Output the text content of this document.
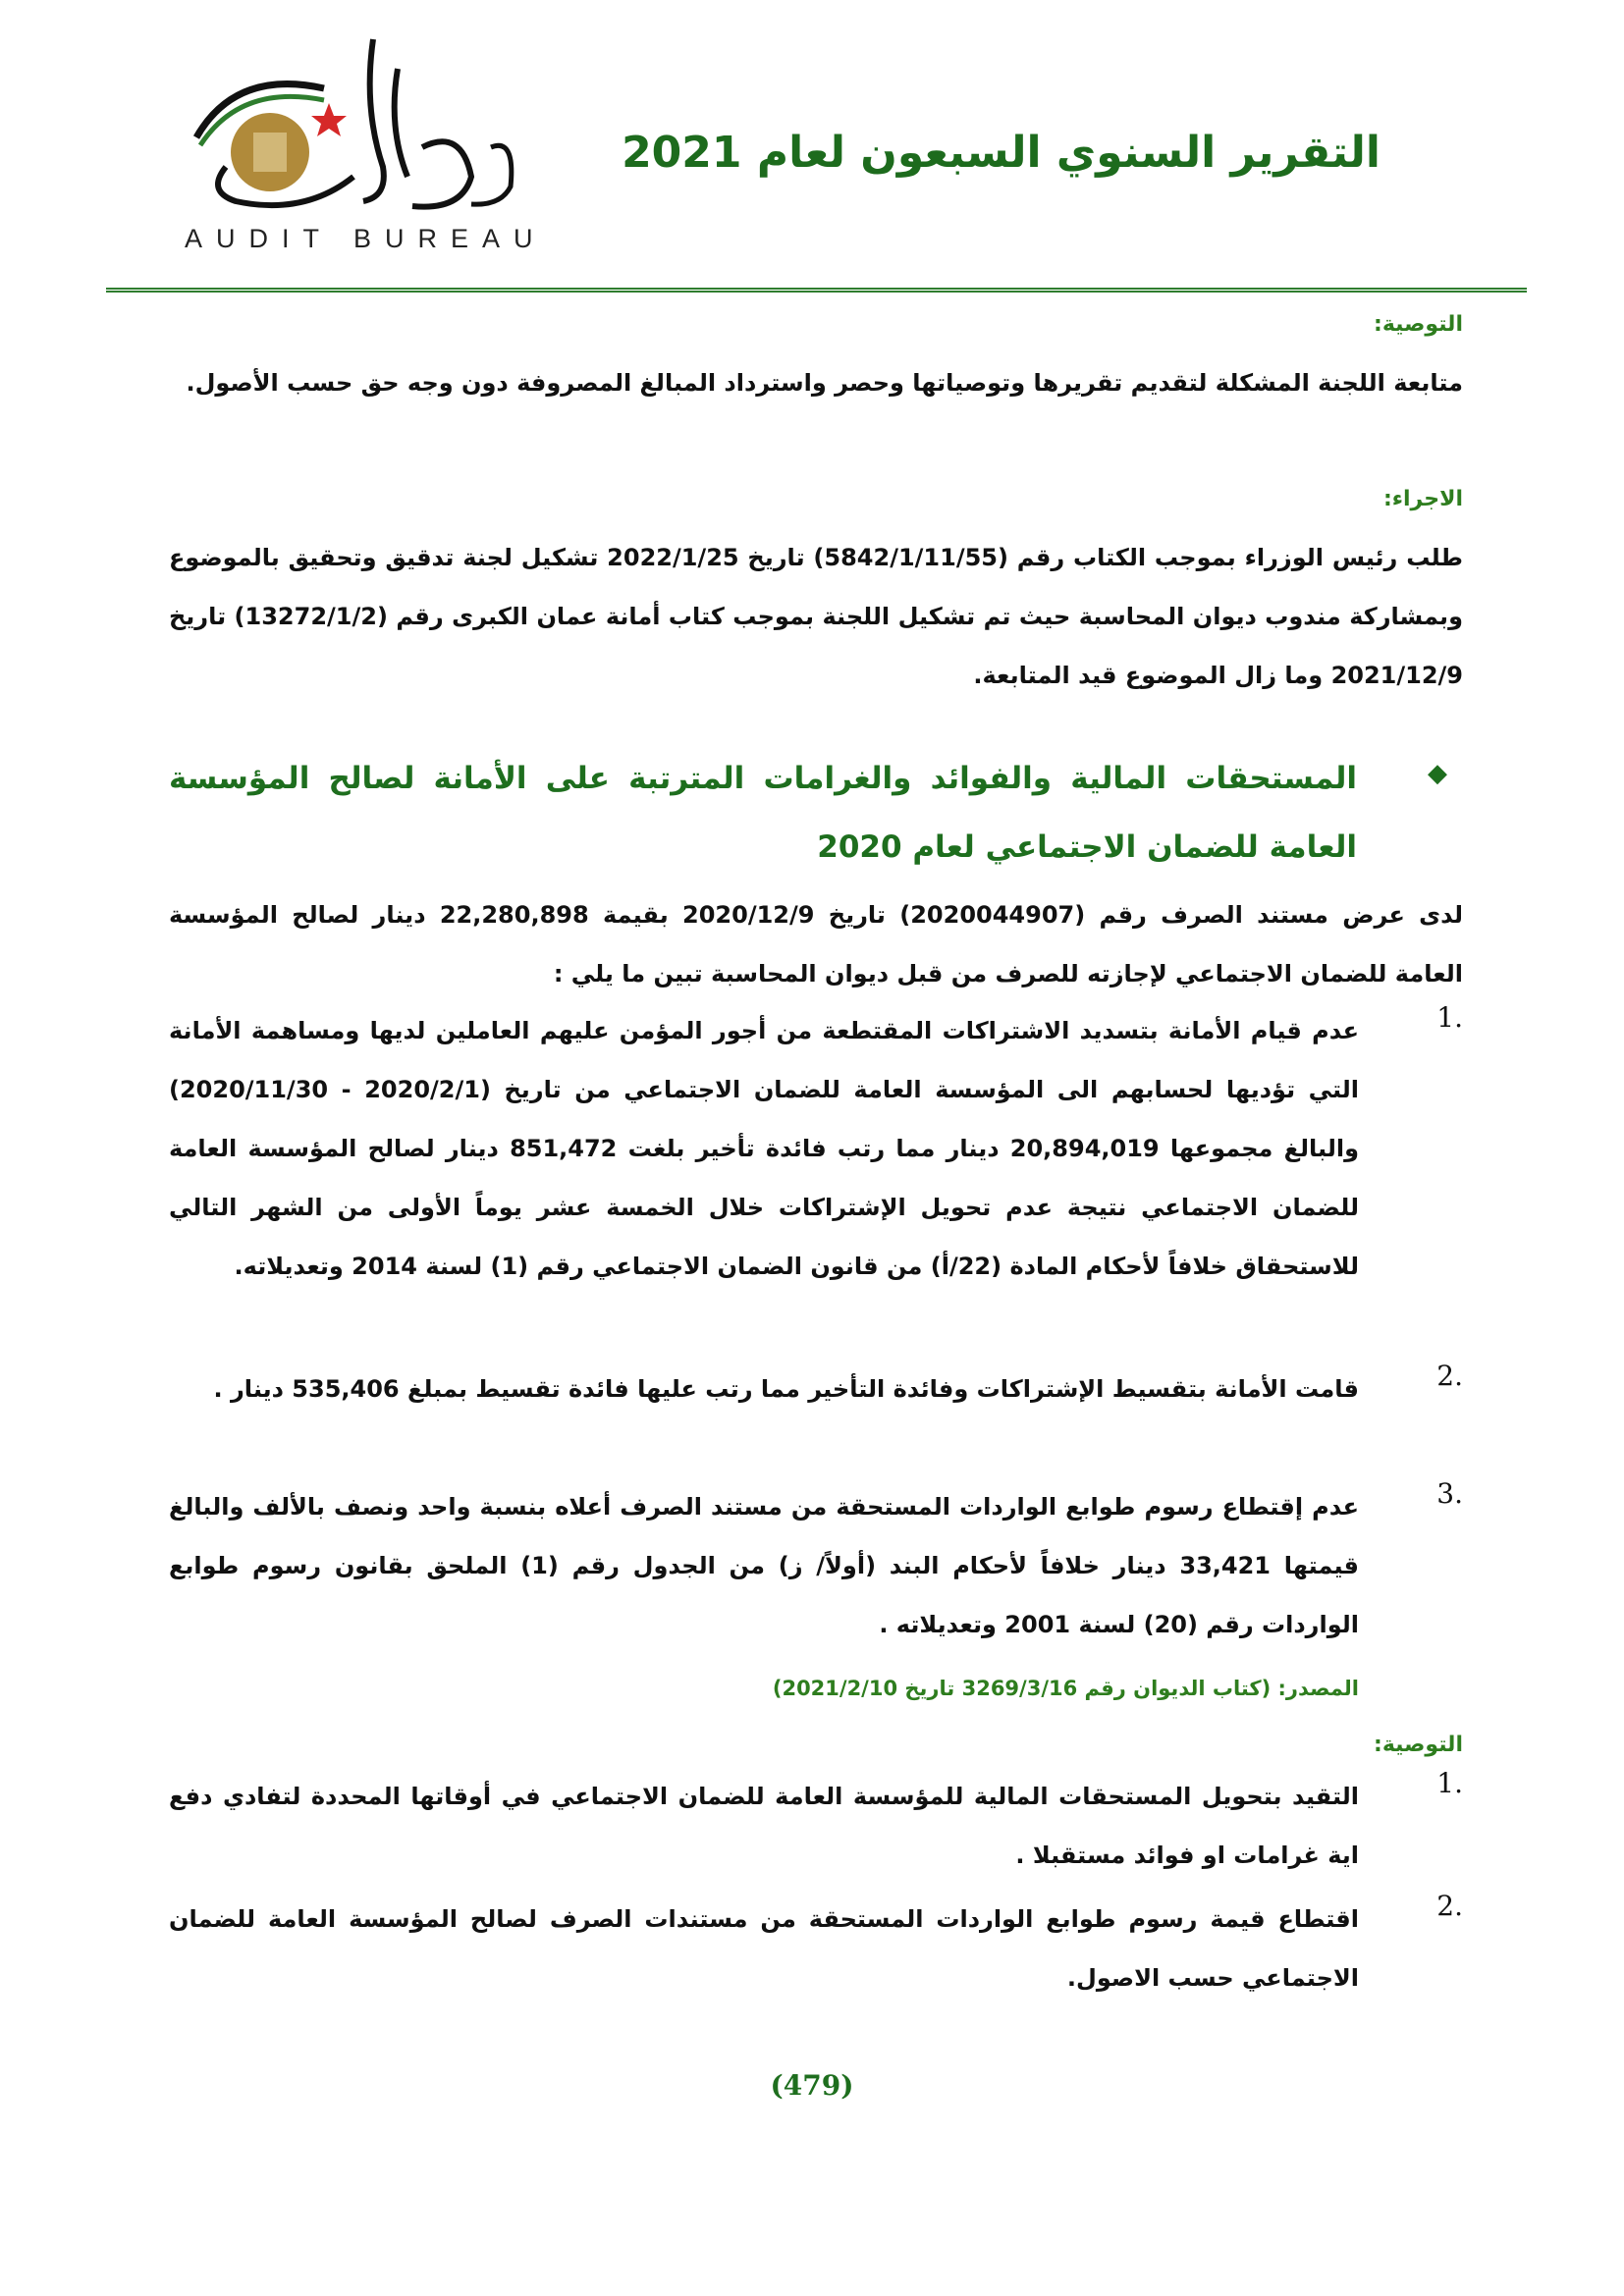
AUDIT BUREAU
التقرير السنوي السبعون لعام 2021
التوصية:
متابعة اللجنة المشكلة لتقديم تقريرها وتوصياتها وحصر واسترداد المبالغ المصروفة دون وجه حق حسب الأصول.
الاجراء:
طلب رئيس الوزراء بموجب الكتاب رقم (5842/1/11/55) تاريخ 2022/1/25 تشكيل لجنة تدقيق وتحقيق بالموضوع وبمشاركة مندوب ديوان المحاسبة حيث تم تشكيل اللجنة بموجب كتاب أمانة عمان الكبرى رقم (13272/1/2) تاريخ 2021/12/9 وما زال الموضوع قيد المتابعة.
◆
المستحقات المالية والفوائد والغرامات المترتبة على الأمانة لصالح المؤسسة العامة للضمان الاجتماعي لعام 2020
لدى عرض مستند الصرف رقم (2020044907) تاريخ 2020/12/9 بقيمة 22,280,898 دينار لصالح المؤسسة العامة للضمان الاجتماعي لإجازته للصرف من قبل ديوان المحاسبة تبين ما يلي :
1.
عدم قيام الأمانة بتسديد الاشتراكات المقتطعة من أجور المؤمن عليهم العاملين لديها ومساهمة الأمانة التي تؤديها لحسابهم الى المؤسسة العامة للضمان الاجتماعي من تاريخ (2020/2/1 - 2020/11/30) والبالغ مجموعها 20,894,019 دينار مما رتب فائدة تأخير بلغت 851,472 دينار لصالح المؤسسة العامة للضمان الاجتماعي نتيجة عدم تحويل الإشتراكات خلال الخمسة عشر يوماً الأولى من الشهر التالي للاستحقاق خلافاً لأحكام المادة (22/أ) من قانون الضمان الاجتماعي رقم (1) لسنة 2014 وتعديلاته.
2.
قامت الأمانة بتقسيط الإشتراكات وفائدة التأخير مما رتب عليها فائدة تقسيط بمبلغ 535,406 دينار .
3.
عدم إقتطاع رسوم طوابع الواردات المستحقة من مستند الصرف أعلاه بنسبة واحد ونصف بالألف والبالغ قيمتها 33,421 دينار خلافاً لأحكام البند (أولاً/ ز) من الجدول رقم (1) الملحق بقانون رسوم طوابع الواردات رقم (20) لسنة 2001 وتعديلاته .
المصدر: (كتاب الديوان رقم 3269/3/16 تاريخ 2021/2/10)
التوصية:
1.
التقيد بتحويل المستحقات المالية للمؤسسة العامة للضمان الاجتماعي في أوقاتها المحددة لتفادي دفع اية غرامات او فوائد مستقبلا .
2.
اقتطاع قيمة رسوم طوابع الواردات المستحقة من مستندات الصرف لصالح المؤسسة العامة للضمان الاجتماعي حسب الاصول.
(479)
